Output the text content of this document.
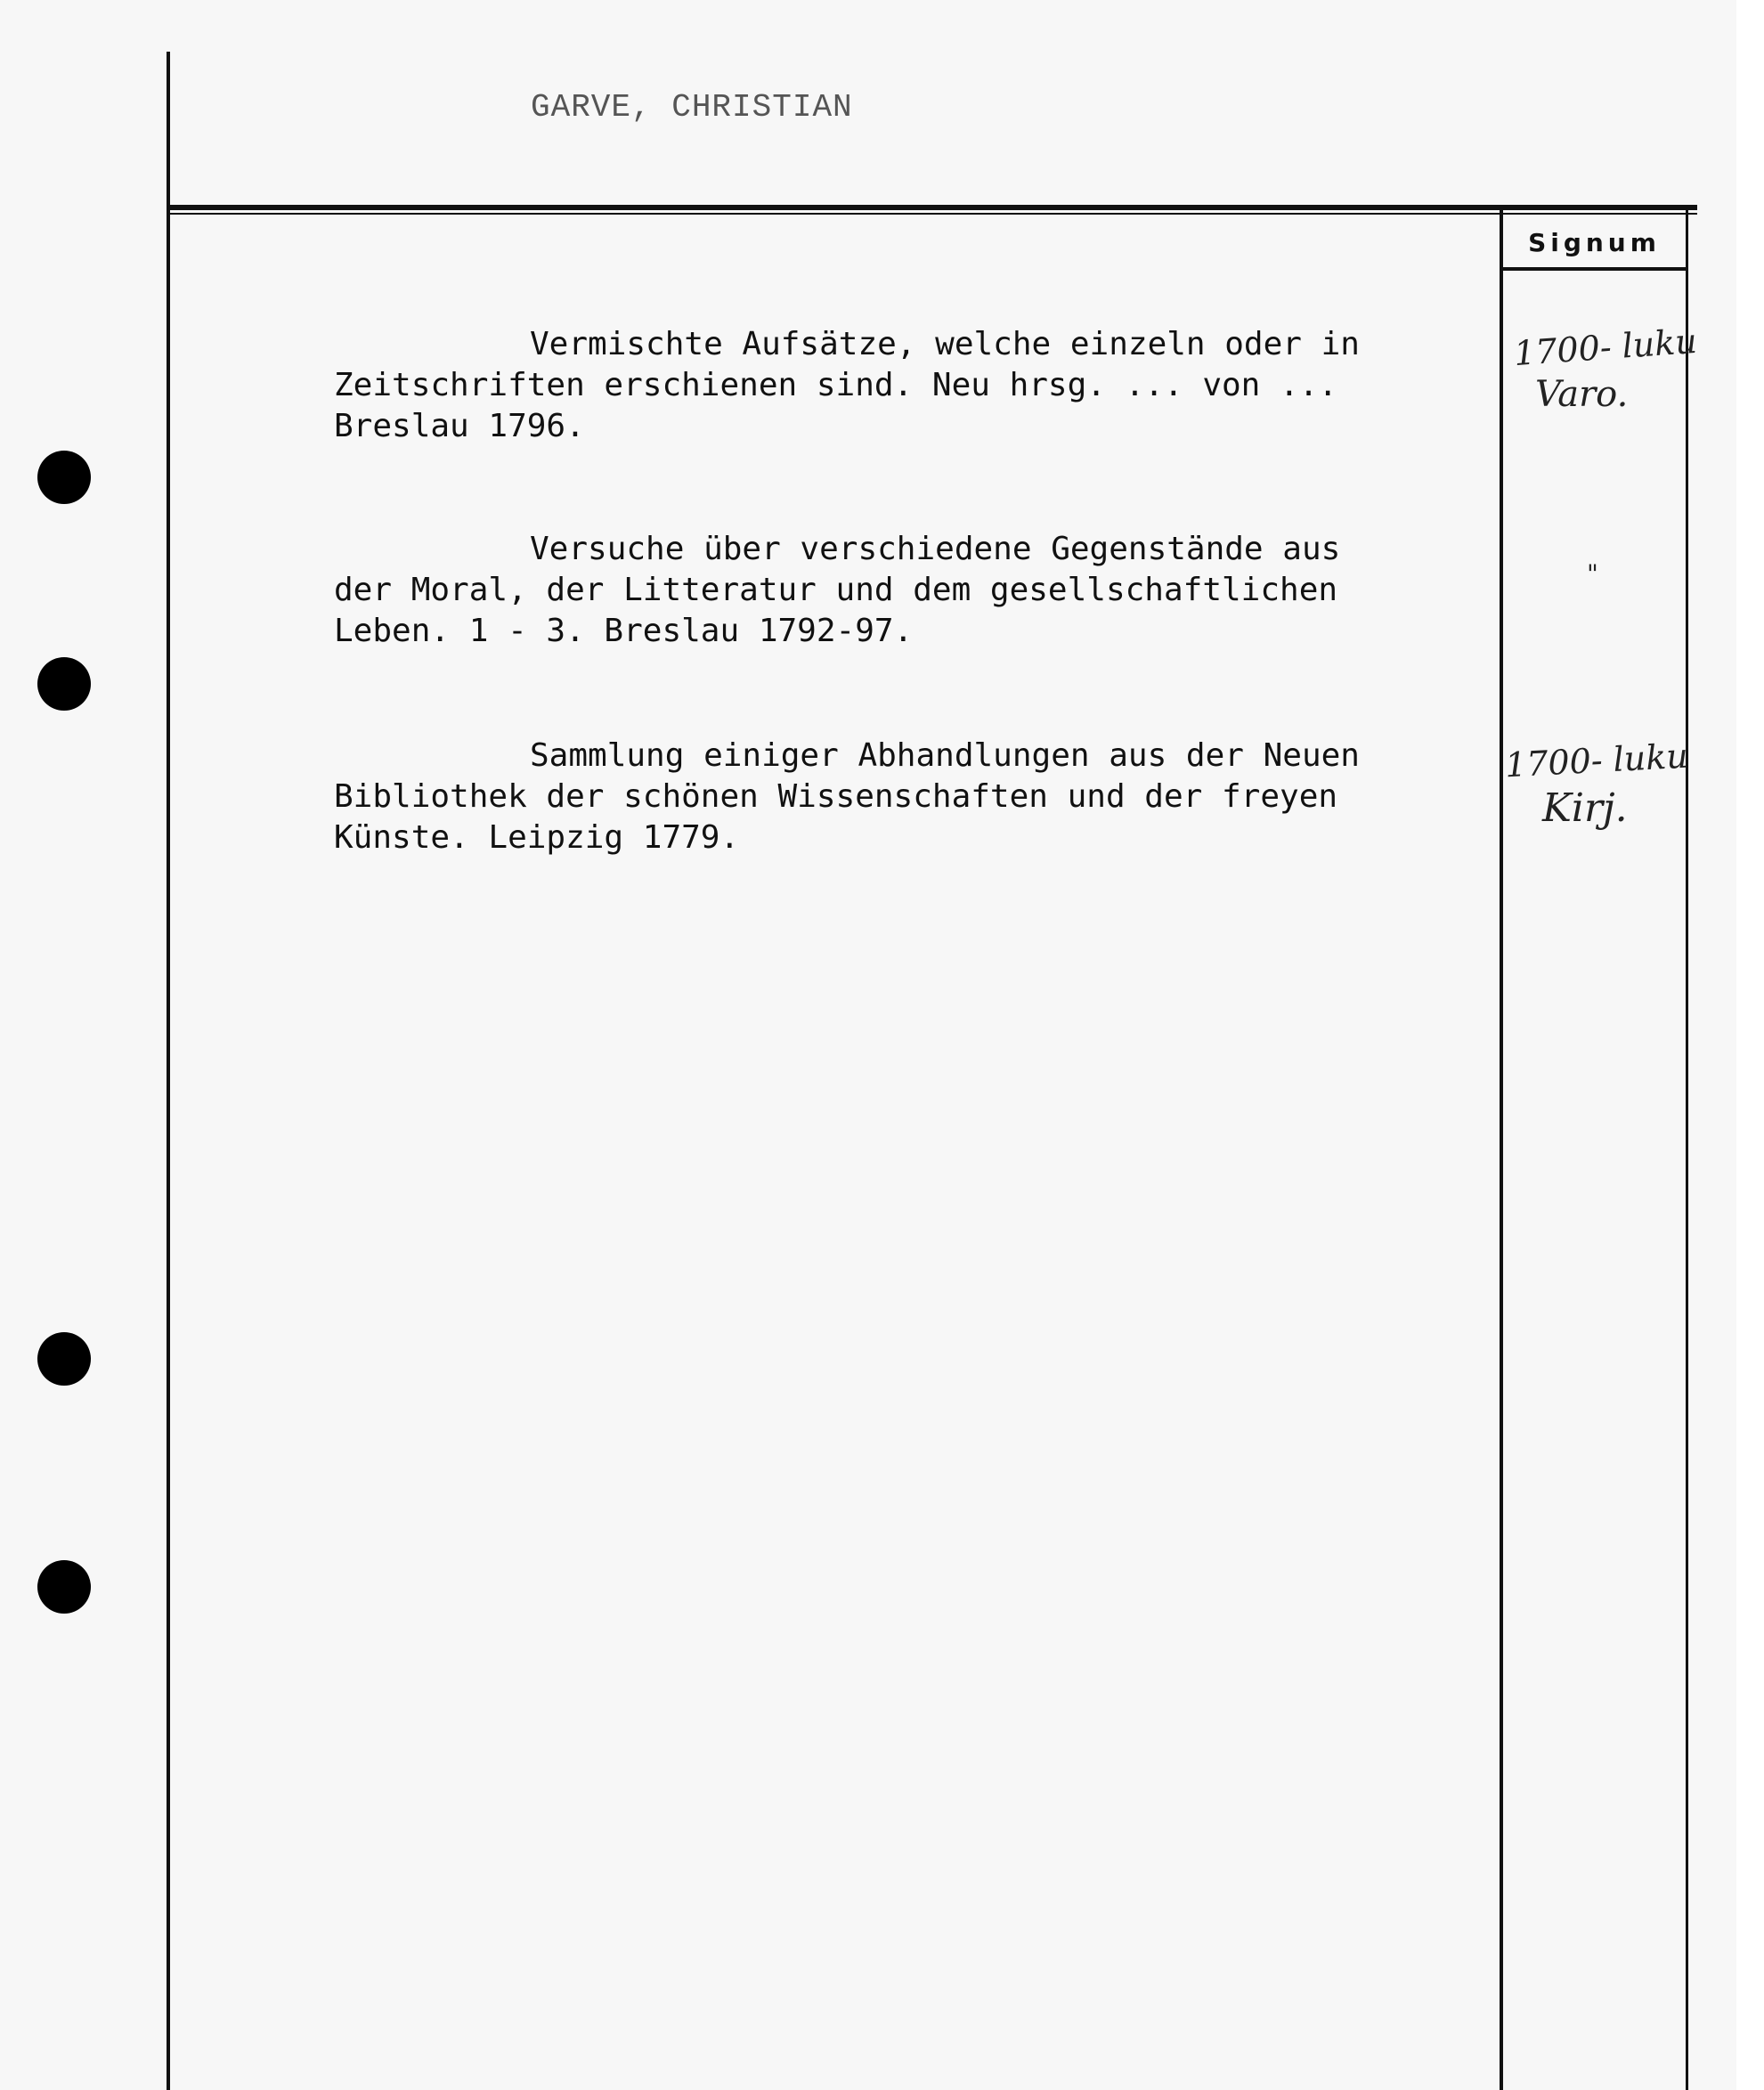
GARVE, CHRISTIAN
Signum
Vermischte Aufsätze, welche einzeln oder in
Zeitschriften erschienen sind. Neu hrsg. ... von ...
Breslau 1796.
Versuche über verschiedene Gegenstände aus
der Moral, der Litteratur und dem gesellschaftlichen
Leben. 1 - 3. Breslau 1792-97.
Sammlung einiger Abhandlungen aus der Neuen
Bibliothek der schönen Wissenschaften und der freyen
Künste. Leipzig 1779.
1700- luku
Varo.
"
1700- luku
Kirj.
